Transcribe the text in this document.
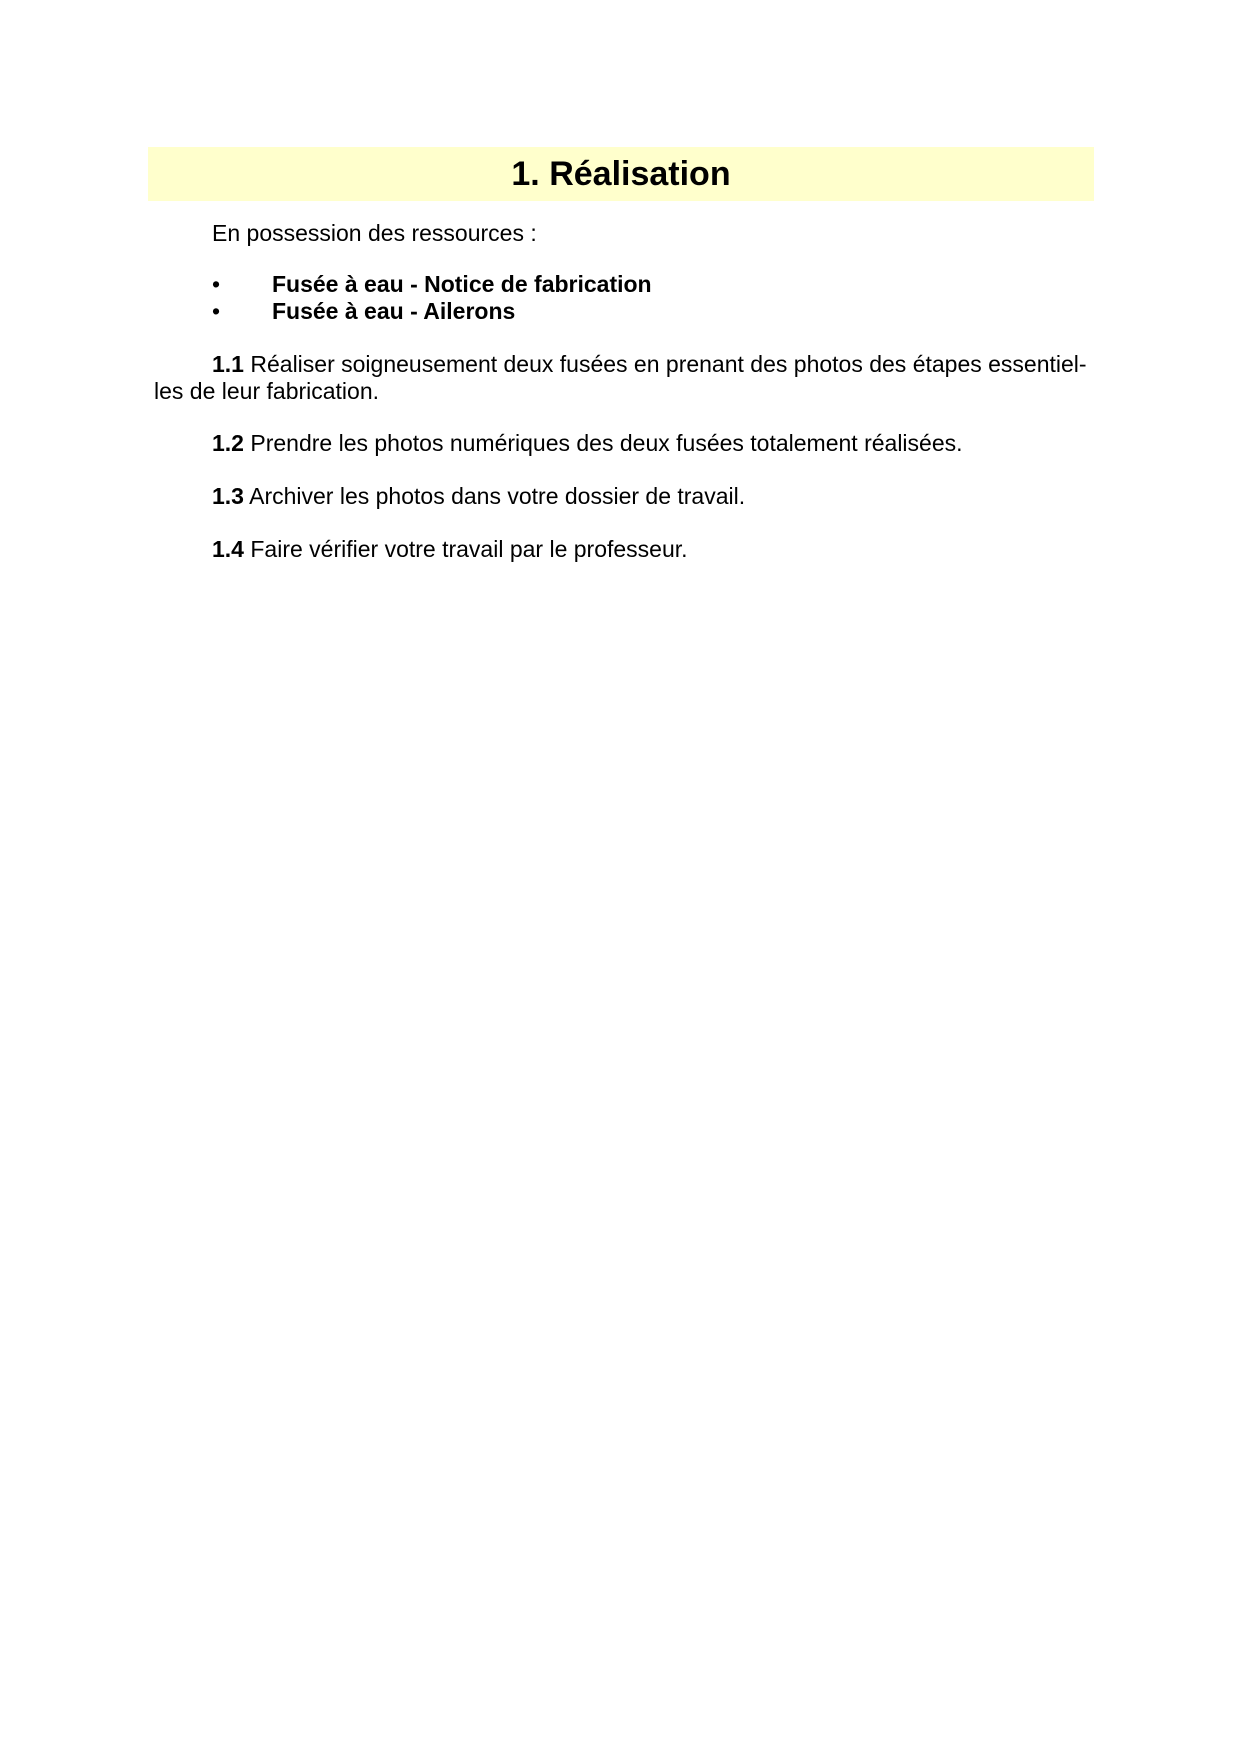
1. Réalisation
En possession des ressources :
• Fusée à eau - Notice de fabrication
• Fusée à eau - Ailerons

1.1 Réaliser soigneusement deux fusées en prenant des photos des étapes essentiel-les de leur fabrication.

1.2 Prendre les photos numériques des deux fusées totalement réalisées.

1.3 Archiver les photos dans votre dossier de travail.

1.4 Faire vérifier votre travail par le professeur.
